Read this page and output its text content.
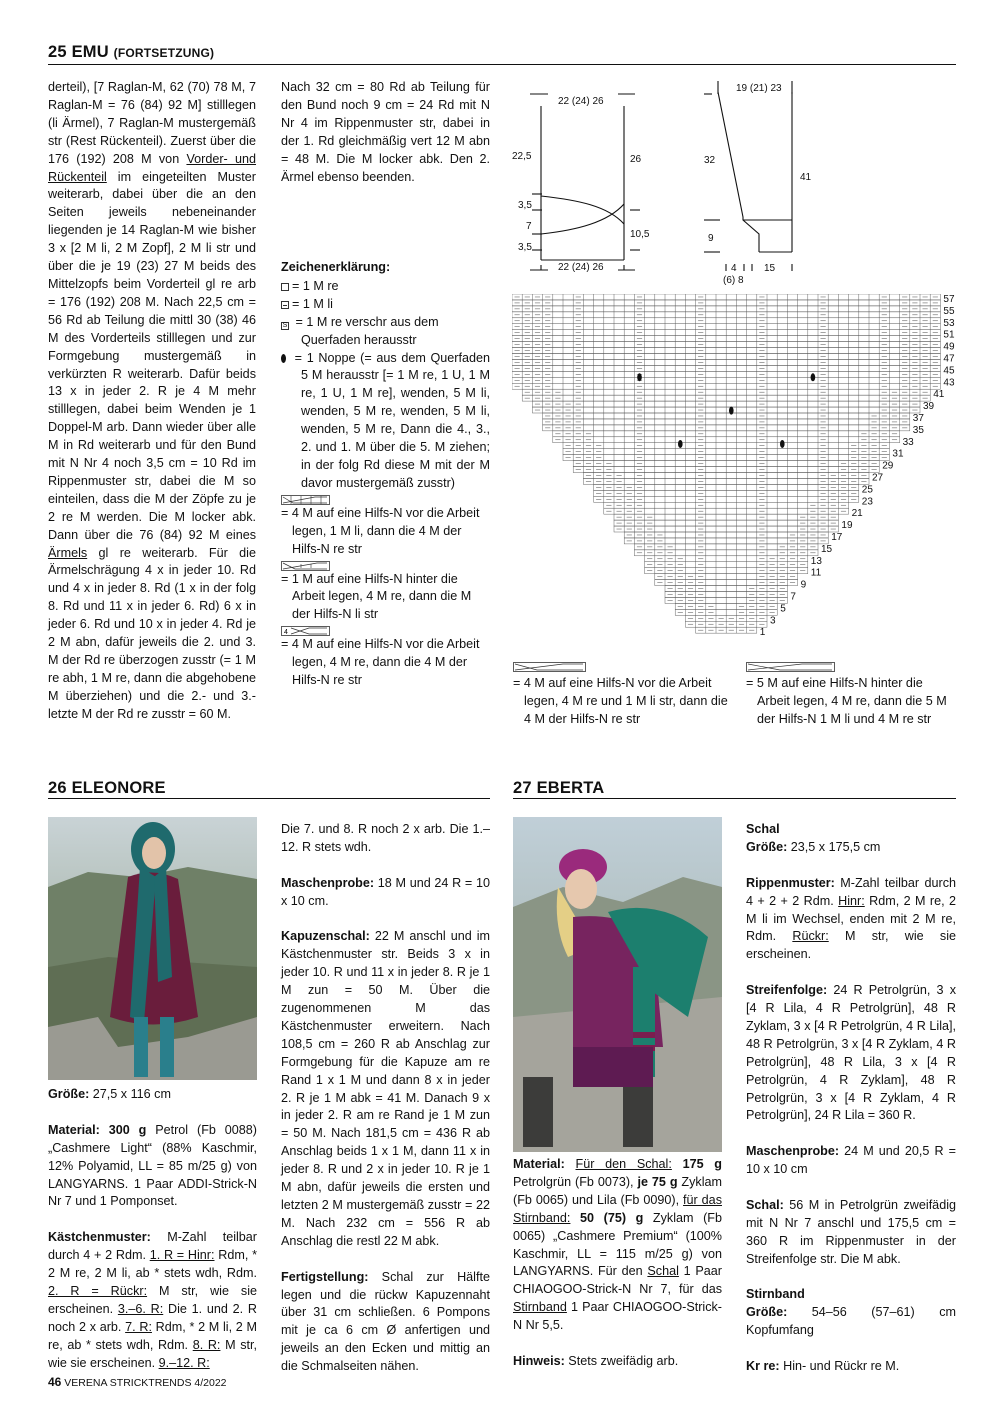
25 EMU (FORTSETZUNG)

derteil), [7 Raglan-M, 62 (70) 78 M, 7 Raglan-M = 76 (84) 92 M] stilllegen (li Ärmel), 7 Raglan-M mustergemäß str (Rest Rückenteil). Zuerst über die 176 (192) 208 M von Vorder- und Rückenteil im eingeteilten Muster weiterarb, dabei über die an den Seiten jeweils nebeneinander liegenden je 14 Raglan-M wie bisher 3 x [2 M li, 2 M Zopf], 2 M li str und über die je 19 (23) 27 M beids des Mittelzopfs beim Vorderteil gl re arb = 176 (192) 208 M. Nach 22,5 cm = 56 Rd ab Teilung die mittl 30 (38) 46 M des Vorderteils stilllegen und zur Formgebung mustergemäß in verkürzten R weiterarb. Dafür beids 13 x in jeder 2. R je 4 M mehr stilllegen, dabei beim Wenden je 1 Doppel-M arb. Dann wieder über alle M in Rd weiterarb und für den Bund mit N Nr 4 noch 3,5 cm = 10 Rd im Rippenmuster str, dabei die M so einteilen, dass die M der Zöpfe zu je 2 re M werden. Die M locker abk. Dann über die 76 (84) 92 M eines Ärmels gl re weiterarb. Für die Ärmelschrägung 4 x in jeder 10. Rd und 4 x in jeder 8. Rd (1 x in der folg 8. Rd und 11 x in jeder 6. Rd) 6 x in jeder 6. Rd und 10 x in jeder 4. Rd je 2 M abn, dafür jeweils die 2. und 3. M der Rd re überzogen zusstr (= 1 M re abh, 1 M re, dann die abgehobene M überziehen) und die 2.- und 3.-letzte M der Rd re zusstr = 60 M.

Nach 32 cm = 80 Rd ab Teilung für den Bund noch 9 cm = 24 Rd mit N Nr 4 im Rippenmuster str, dabei in der 1. Rd gleichmäßig vert 12 M abn = 48 M. Die M locker abk. Den 2. Ärmel ebenso beenden.

Zeichenerklärung:
= 1 M re
= 1 M li
S = 1 M re verschr aus dem Querfaden herausstr
= 1 Noppe (= aus dem Querfaden 5 M herausstr [= 1 M re, 1 U, 1 M re, 1 U, 1 M re], wenden, 5 M li, wenden, 5 M re, wenden, 5 M li, wenden, 5 M re, Dann die 4., 3., 2. und 1. M über die 5. M ziehen; in der folg Rd diese M mit der M davor mustergemäß zusstr)
= 4 M auf eine Hilfs-N vor die Arbeit legen, 1 M li, dann die 4 M der Hilfs-N re str
= 1 M auf eine Hilfs-N hinter die Arbeit legen, 4 M re, dann die M der Hilfs-N li str
4
= 4 M auf eine Hilfs-N vor die Arbeit legen, 4 M re, dann die 4 M der Hilfs-N re str
22 (24) 26
22,5	26
3,5
7
3,5
10,5
22 (24) 26
19 (21) 23
32
41
9
4
(6) 8
15
57
55
53
51
49
47
45
43
41
39
37
35
33
31
29
27
25
23
21
19
17
15
13
11
9
7
5
3
1
= 4 M auf eine Hilfs-N vor die Arbeit legen, 4 M re und 1 M li str, dann die 4 M der Hilfs-N re str
= 5 M auf eine Hilfs-N hinter die Arbeit legen, 4 M re, dann die 5 M der Hilfs-N 1 M li und 4 M re str
26 ELEONORE

Größe: 27,5 x 116 cm

Material: 300 g Petrol (Fb 0088) „Cashmere Light“ (88% Kaschmir, 12% Polyamid, LL = 85 m/25 g) von LANGYARNS. 1 Paar ADDI-Strick-N Nr 7 und 1 Pomponset.

Kästchenmuster: M-Zahl teilbar durch 4 + 2 Rdm. 1. R = Hinr: Rdm, * 2 M re, 2 M li, ab * stets wdh, Rdm. 2. R = Rückr: M str, wie sie erscheinen. 3.–6. R: Die 1. und 2. R noch 2 x arb. 7. R: Rdm, * 2 M li, 2 M re, ab * stets wdh, Rdm. 8. R: M str, wie sie erscheinen. 9.–12. R:

Die 7. und 8. R noch 2 x arb. Die 1.–12. R stets wdh.

Maschenprobe: 18 M und 24 R = 10 x 10 cm.

Kapuzenschal: 22 M anschl und im Kästchenmuster str. Beids 3 x in jeder 10. R und 11 x in jeder 8. R je 1 M zun = 50 M. Über die zugenommenen M das Kästchenmuster erweitern. Nach 108,5 cm = 260 R ab Anschlag zur Formgebung für die Kapuze am re Rand 1 x 1 M und dann 8 x in jeder 2. R je 1 M abk = 41 M. Danach 9 x in jeder 2. R am re Rand je 1 M zun = 50 M. Nach 181,5 cm = 436 R ab Anschlag beids 1 x 1 M, dann 11 x in jeder 8. R und 2 x in jeder 10. R je 1 M abn, dafür jeweils die ersten und letzten 2 M mustergemäß zusstr = 22 M. Nach 232 cm = 556 R ab Anschlag die restl 22 M abk.

Fertigstellung: Schal zur Hälfte legen und die rückw Kapuzennaht über 31 cm schließen. 6 Pompons mit je ca 6 cm Ø anfertigen und jeweils an den Ecken und mittig an die Schmalseiten nähen.

27 EBERTA

Material: Für den Schal: 175 g Petrolgrün (Fb 0073), je 75 g Zyklam (Fb 0065) und Lila (Fb 0090), für das Stirnband: 50 (75) g Zyklam (Fb 0065) „Cashmere Premium“ (100% Kaschmir, LL = 115 m/25 g) von LANGYARNS. Für den Schal 1 Paar CHIAOGOO-Strick-N Nr 7, für das Stirnband 1 Paar CHIAOGOO-Strick-N Nr 5,5.

Hinweis: Stets zweifädig arb.

Schal

Größe: 23,5 x 175,5 cm

Rippenmuster: M-Zahl teilbar durch 4 + 2 + 2 Rdm. Hinr: Rdm, 2 M re, 2 M li im Wechsel, enden mit 2 M re, Rdm. Rückr: M str, wie sie erscheinen.

Streifenfolge: 24 R Petrolgrün, 3 x [4 R Lila, 4 R Petrolgrün], 48 R Zyklam, 3 x [4 R Petrolgrün, 4 R Lila], 48 R Petrolgrün, 3 x [4 R Zyklam, 4 R Petrolgrün], 48 R Lila, 3 x [4 R Petrolgrün, 4 R Zyklam], 48 R Petrolgrün, 3 x [4 R Zyklam, 4 R Petrolgrün], 24 R Lila = 360 R.

Maschenprobe: 24 M und 20,5 R = 10 x 10 cm

Schal: 56 M in Petrolgrün zweifädig mit N Nr 7 anschl und 175,5 cm = 360 R im Rippenmuster in der Streifenfolge str. Die M abk.

Stirnband

Größe: 54–56 (57–61) cm Kopfumfang

Kr re: Hin- und Rückr re M.

46 VERENA STRICKTRENDS 4/2022
